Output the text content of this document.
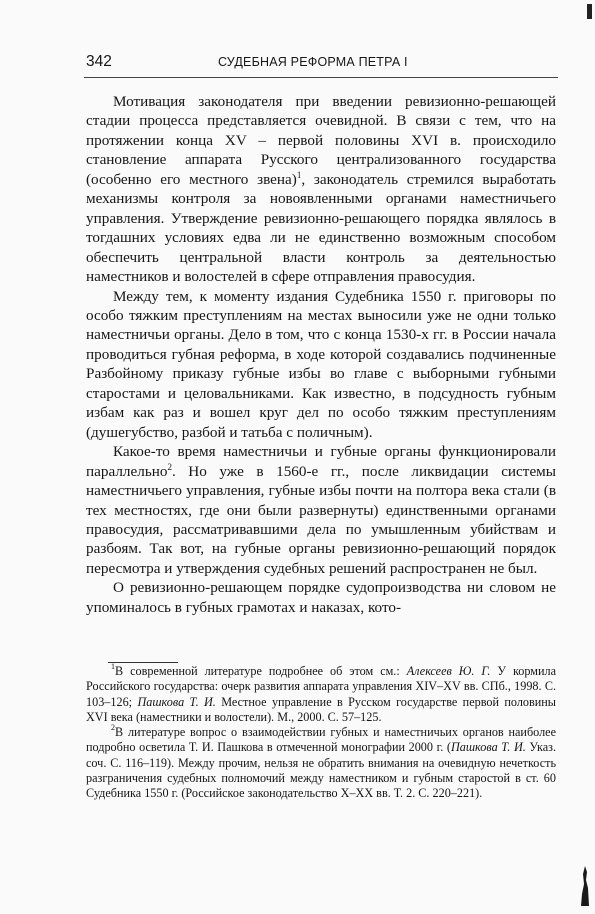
342	СУДЕБНАЯ РЕФОРМА ПЕТРА I

Мотивация законодателя при введении ревизионно-решающей стадии процесса представляется очевидной. В связи с тем, что на протяжении конца XV – первой половины XVI в. происходило становление аппарата Русского централизованного государства (особенно его местного звена)$^1$, законодатель стремился выработать механизмы контроля за новоявленными органами наместничьего управления. Утверждение ревизионно-решающего порядка являлось в тогдашних условиях едва ли не единственно возможным способом обеспечить центральной власти контроль за деятельностью наместников и волостелей в сфере отправления правосудия.

Между тем, к моменту издания Судебника 1550 г. приговоры по особо тяжким преступлениям на местах выносили уже не одни только наместничьи органы. Дело в том, что с конца 1530-х гг. в России начала проводиться губная реформа, в ходе которой создавались подчиненные Разбойному приказу губные избы во главе с выборными губными старостами и целовальниками. Как известно, в подсудность губным избам как раз и вошел круг дел по особо тяжким преступлениям (душегубство, разбой и татьба с поличным).

Какое-то время наместничьи и губные органы функционировали параллельно$^2$. Но уже в 1560-е гг., после ликвидации системы наместничьего управления, губные избы почти на полтора века стали (в тех местностях, где они были развернуты) единственными органами правосудия, рассматривавшими дела по умышленным убийствам и разбоям. Так вот, на губные органы ревизионно-решающий порядок пересмотра и утверждения судебных решений распространен не был.

О ревизионно-решающем порядке судопроизводства ни словом не упоминалось в губных грамотах и наказах, кото-

$^1$В современной литературе подробнее об этом см.: Алексеев Ю. Г. У кормила Российского государства: очерк развития аппарата управления XIV–XV вв. СПб., 1998. С. 103–126; Пашкова Т. И. Местное управление в Русском государстве первой половины XVI века (наместники и волостели). М., 2000. С. 57–125.

$^2$В литературе вопрос о взаимодействии губных и наместничьих органов наиболее подробно осветила Т. И. Пашкова в отмеченной монографии 2000 г. (Пашкова Т. И. Указ. соч. С. 116–119). Между прочим, нельзя не обратить внимания на очевидную нечеткость разграничения судебных полномочий между наместником и губным старостой в ст. 60 Судебника 1550 г. (Российское законодательство X–XX вв. Т. 2. С. 220–221).
